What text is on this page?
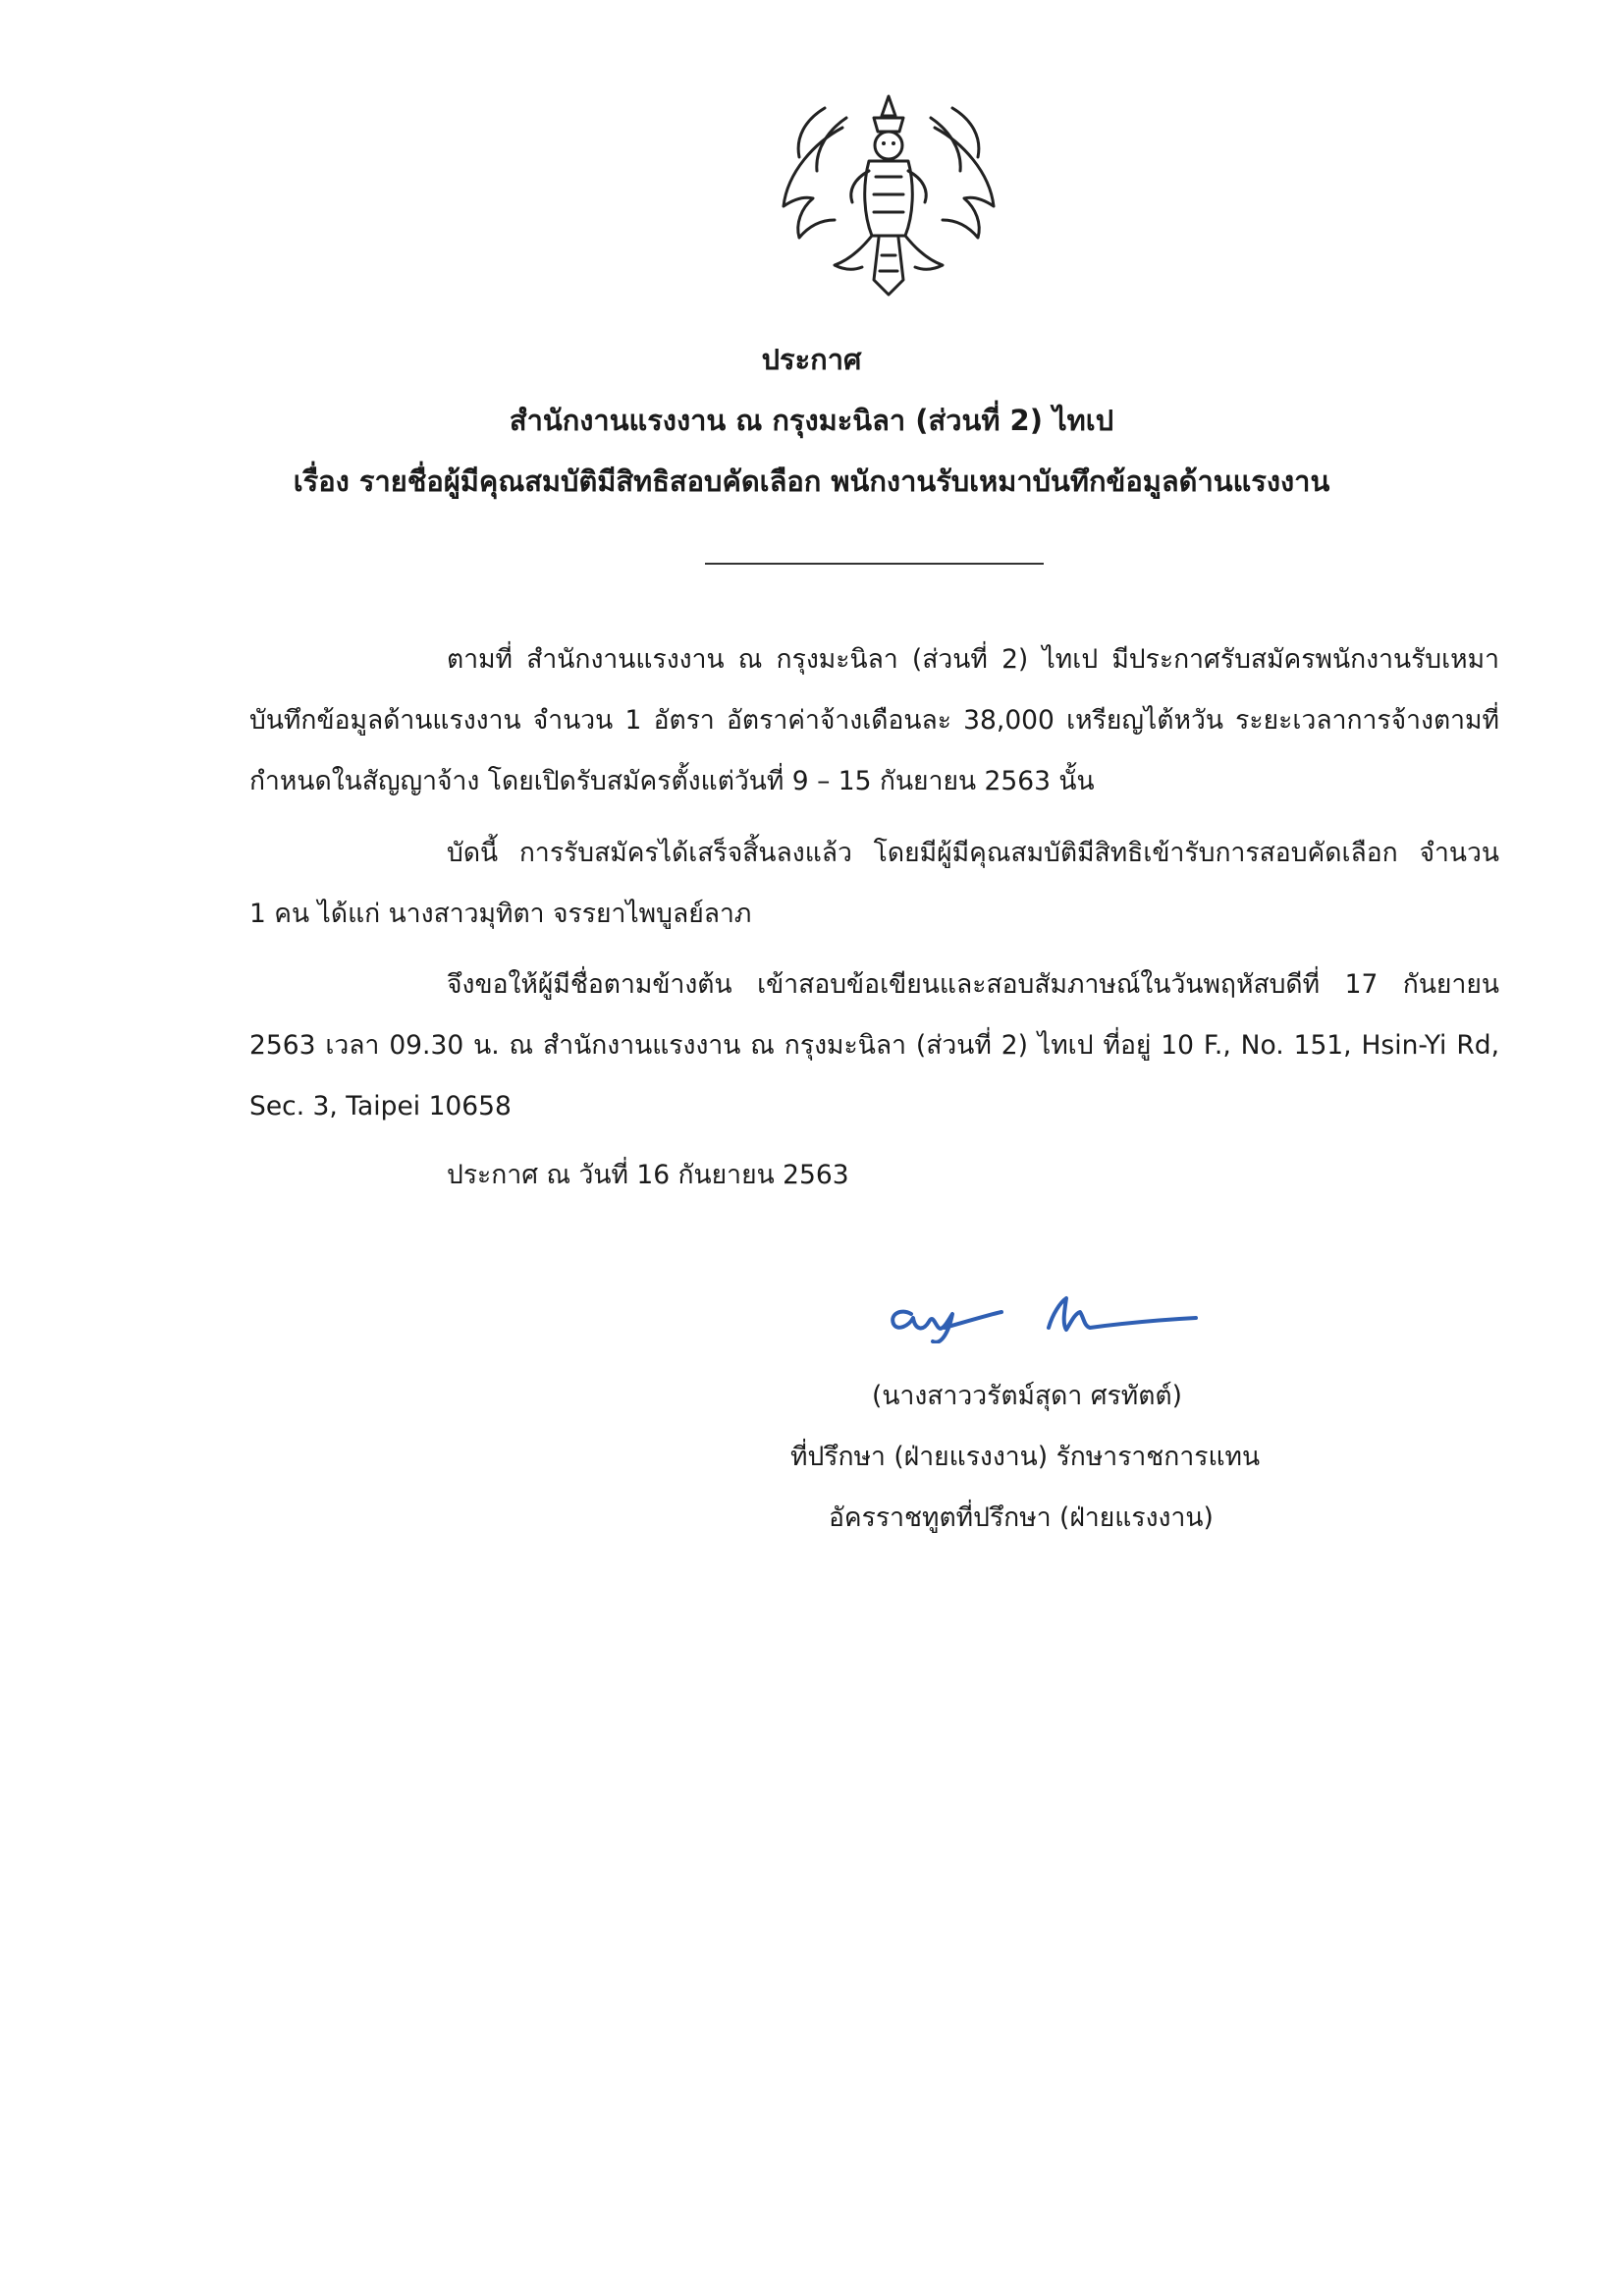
ประกาศ
สำนักงานแรงงาน ณ กรุงมะนิลา (ส่วนที่ 2) ไทเป
เรื่อง รายชื่อผู้มีคุณสมบัติมีสิทธิสอบคัดเลือก พนักงานรับเหมาบันทึกข้อมูลด้านแรงงาน
ตามที่ สำนักงานแรงงาน ณ กรุงมะนิลา (ส่วนที่ 2) ไทเป มีประกาศรับสมัครพนักงานรับเหมา
บันทึกข้อมูลด้านแรงงาน จำนวน 1 อัตรา อัตราค่าจ้างเดือนละ 38,000 เหรียญไต้หวัน ระยะเวลาการจ้างตามที่
กำหนดในสัญญาจ้าง โดยเปิดรับสมัครตั้งแต่วันที่ 9 – 15 กันยายน 2563 นั้น
บัดนี้ การรับสมัครได้เสร็จสิ้นลงแล้ว โดยมีผู้มีคุณสมบัติมีสิทธิเข้ารับการสอบคัดเลือก จำนวน
1 คน ได้แก่ นางสาวมุทิตา จรรยาไพบูลย์ลาภ
จึงขอให้ผู้มีชื่อตามข้างต้น เข้าสอบข้อเขียนและสอบสัมภาษณ์ในวันพฤหัสบดีที่ 17 กันยายน
2563 เวลา 09.30 น. ณ สำนักงานแรงงาน ณ กรุงมะนิลา (ส่วนที่ 2) ไทเป ที่อยู่ 10 F., No. 151, Hsin-Yi Rd,
Sec. 3, Taipei 10658
ประกาศ ณ วันที่ 16 กันยายน 2563
(นางสาววรัตม์สุดา ศรทัตต์)
ที่ปรึกษา (ฝ่ายแรงงาน) รักษาราชการแทน
อัครราชทูตที่ปรึกษา (ฝ่ายแรงงาน)
